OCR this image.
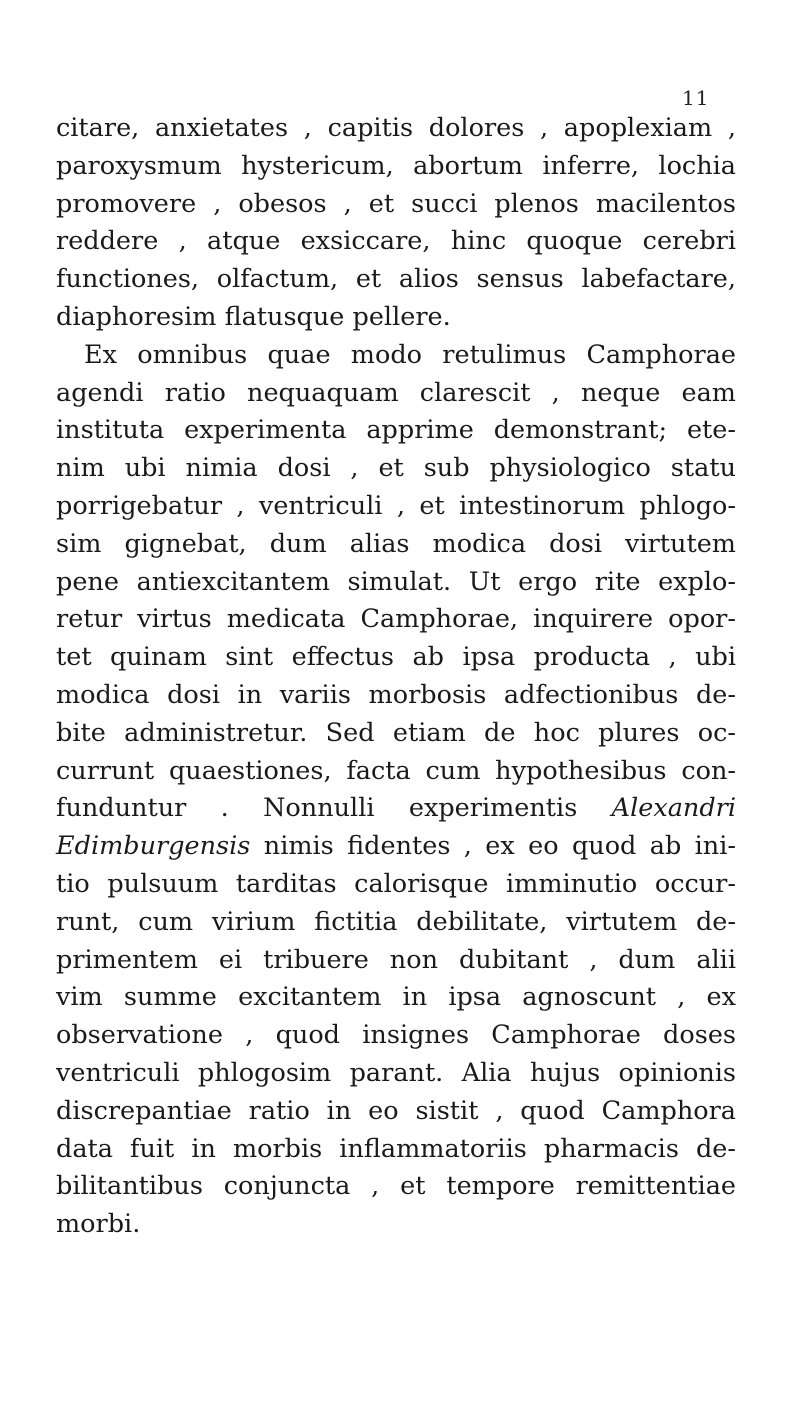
11
citare, anxietates , capitis dolores , apoplexiam ,
paroxysmum hystericum, abortum inferre, lochia
promovere , obesos , et succi plenos macilentos
reddere , atque exsiccare, hinc quoque cerebri
functiones, olfactum, et alios sensus labefactare,
diaphoresim flatusque pellere.
Ex omnibus quae modo retulimus Camphorae
agendi ratio nequaquam clarescit , neque eam
instituta experimenta apprime demonstrant; ete-
nim ubi nimia dosi , et sub physiologico statu
porrigebatur , ventriculi , et intestinorum phlogo-
sim gignebat, dum alias modica dosi virtutem
pene antiexcitantem simulat. Ut ergo rite explo-
retur virtus medicata Camphorae, inquirere opor-
tet quinam sint effectus ab ipsa producta , ubi
modica dosi in variis morbosis adfectionibus de-
bite administretur. Sed etiam de hoc plures oc-
currunt quaestiones, facta cum hypothesibus con-
funduntur . Nonnulli experimentis Alexandri
Edimburgensis nimis fidentes , ex eo quod ab ini-
tio pulsuum tarditas calorisque imminutio occur-
runt, cum virium fictitia debilitate, virtutem de-
primentem ei tribuere non dubitant , dum alii
vim summe excitantem in ipsa agnoscunt , ex
observatione , quod insignes Camphorae doses
ventriculi phlogosim parant. Alia hujus opinionis
discrepantiae ratio in eo sistit , quod Camphora
data fuit in morbis inflammatoriis pharmacis de-
bilitantibus conjuncta , et tempore remittentiae
morbi.
